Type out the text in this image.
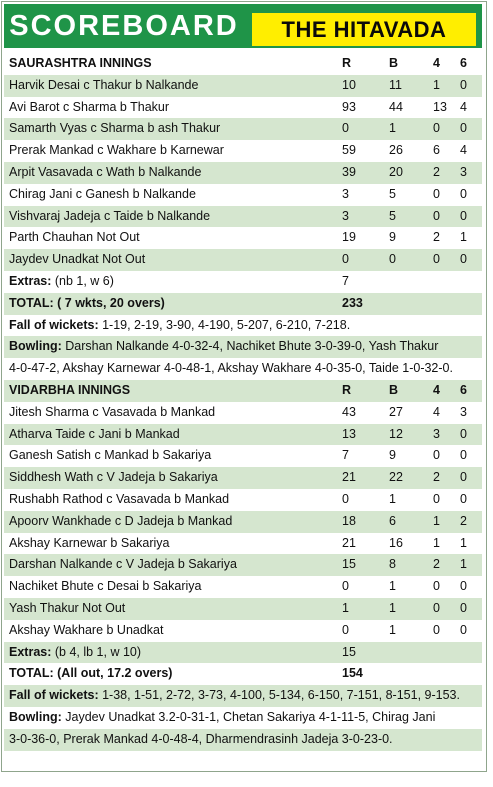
SCOREBOARD	THE HITAVADA
SAURASHTRA INNINGS	R	B	4 6
Harvik Desai c Thakur b Nalkande	10	11 1 0
Avi Barot c Sharma b Thakur	93	44 13 4
Samarth Vyas c Sharma b ash Thakur	0	1	0 0
Prerak Mankad c Wakhare b Karnewar	59	26 6 4
Arpit Vasavada c Wath b Nalkande	39	20 2 3
Chirag Jani c Ganesh b Nalkande	3	5	0 0
Vishvaraj Jadeja c Taide b Nalkande	3	5	0 0
Parth Chauhan Not Out	19	9	2 1
Jaydev Unadkat Not Out	0	0	0 0
Extras: (nb 1, w 6)	7
TOTAL: ( 7 wkts, 20 overs)	233
Fall of wickets: 1-19, 2-19, 3-90, 4-190, 5-207, 6-210, 7-218.
Bowling: Darshan Nalkande 4-0-32-4, Nachiket Bhute 3-0-39-0, Yash Thakur
4-0-47-2, Akshay Karnewar 4-0-48-1, Akshay Wakhare 4-0-35-0, Taide 1-0-32-0.
VIDARBHA INNINGS	R	B	4 6
Jitesh Sharma c Vasavada b Mankad	43	27 4 3
Atharva Taide c Jani b Mankad	13	12 3 0
Ganesh Satish c Mankad b Sakariya	7	9	0 0
Siddhesh Wath c V Jadeja b Sakariya	21	22 2 0
Rushabh Rathod c Vasavada b Mankad	0	1	0 0
Apoorv Wankhade c D Jadeja b Mankad	18	6	1 2
Akshay Karnewar b Sakariya	21	16 1 1
Darshan Nalkande c V Jadeja b Sakariya	15	8	2 1
Nachiket Bhute c Desai b Sakariya	0	1	0 0
Yash Thakur Not Out	1	1	0 0
Akshay Wakhare b Unadkat	0	1	0 0
Extras: (b 4, lb 1, w 10)	15
TOTAL: (All out, 17.2 overs)	154
Fall of wickets: 1-38, 1-51, 2-72, 3-73, 4-100, 5-134, 6-150, 7-151, 8-151, 9-153.
Bowling: Jaydev Unadkat 3.2-0-31-1, Chetan Sakariya 4-1-11-5, Chirag Jani
3-0-36-0, Prerak Mankad 4-0-48-4, Dharmendrasinh Jadeja 3-0-23-0.
